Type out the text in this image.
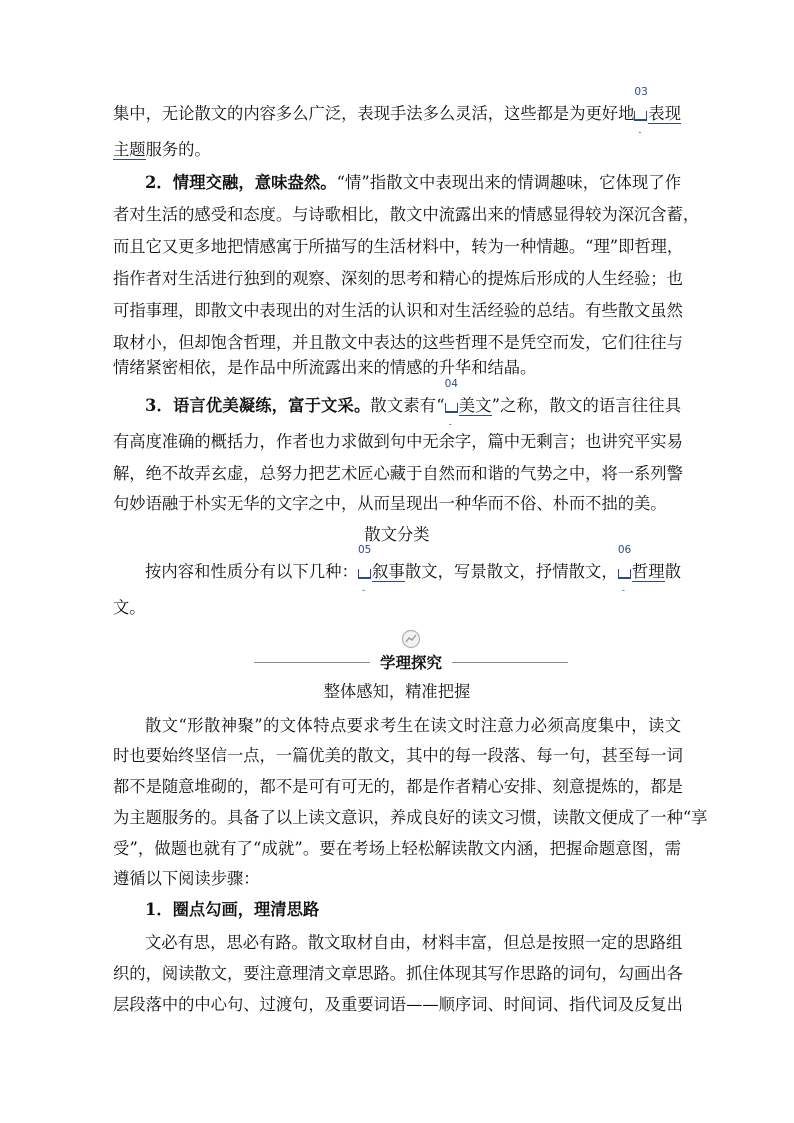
集中，无论散文的内容多么广泛，表现手法多么灵活，这些都是为更好地
03
-
表现
主题服务的。
2．情理交融，意味盎然。“情”指散文中表现出来的情调趣味，它体现了作
者对生活的感受和态度。与诗歌相比，散文中流露出来的情感显得较为深沉含蓄，
而且它又更多地把情感寓于所描写的生活材料中，转为一种情趣。“理”即哲理，
指作者对生活进行独到的观察、深刻的思考和精心的提炼后形成的人生经验；也
可指事理，即散文中表现出的对生活的认识和对生活经验的总结。有些散文虽然
取材小，但却饱含哲理，并且散文中表达的这些哲理不是凭空而发，它们往往与
情绪紧密相依，是作品中所流露出来的情感的升华和结晶。
3．语言优美凝练，富于文采。散文素有“
04
-
美文”之称，散文的语言往往具
有高度准确的概括力，作者也力求做到句中无余字，篇中无剩言；也讲究平实易
解，绝不故弄玄虚，总努力把艺术匠心藏于自然而和谐的气势之中，将一系列警
句妙语融于朴实无华的文字之中，从而呈现出一种华而不俗、朴而不拙的美。
散文分类
按内容和性质分有以下几种：
05
-
叙事散文，写景散文，抒情散文，
06
-
哲理散
文。
学理探究
整体感知，精准把握
散文“形散神聚”的文体特点要求考生在读文时注意力必须高度集中，读文
时也要始终坚信一点，一篇优美的散文，其中的每一段落、每一句，甚至每一词
都不是随意堆砌的，都不是可有可无的，都是作者精心安排、刻意提炼的，都是
为主题服务的。具备了以上读文意识，养成良好的读文习惯，读散文便成了一种“享
受”，做题也就有了“成就”。要在考场上轻松解读散文内涵，把握命题意图，需
遵循以下阅读步骤：
1．圈点勾画，理清思路
文必有思，思必有路。散文取材自由，材料丰富，但总是按照一定的思路组
织的，阅读散文，要注意理清文章思路。抓住体现其写作思路的词句，勾画出各
层段落中的中心句、过渡句，及重要词语——顺序词、时间词、指代词及反复出
